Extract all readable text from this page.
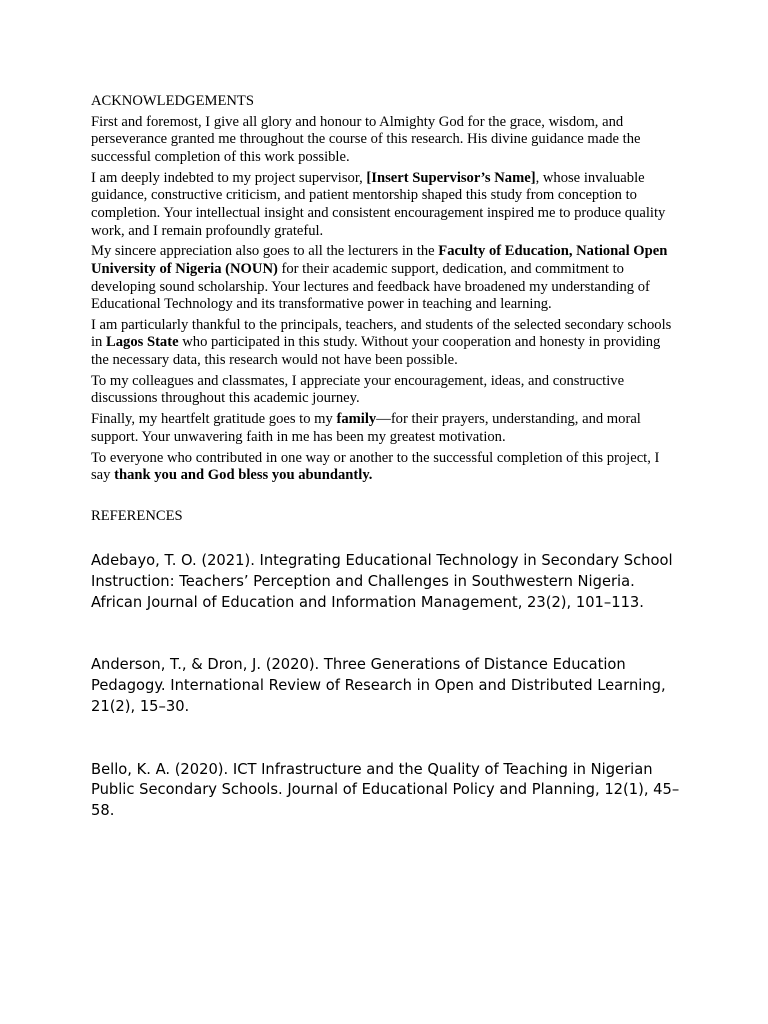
ACKNOWLEDGEMENTS

First and foremost, I give all glory and honour to Almighty God for the grace, wisdom, and perseverance granted me throughout the course of this research. His divine guidance made the successful completion of this work possible.

I am deeply indebted to my project supervisor, [Insert Supervisor’s Name], whose invaluable guidance, constructive criticism, and patient mentorship shaped this study from conception to completion. Your intellectual insight and consistent encouragement inspired me to produce quality work, and I remain profoundly grateful.

My sincere appreciation also goes to all the lecturers in the Faculty of Education, National Open University of Nigeria (NOUN) for their academic support, dedication, and commitment to developing sound scholarship. Your lectures and feedback have broadened my understanding of Educational Technology and its transformative power in teaching and learning.

I am particularly thankful to the principals, teachers, and students of the selected secondary schools in Lagos State who participated in this study. Without your cooperation and honesty in providing the necessary data, this research would not have been possible.

To my colleagues and classmates, I appreciate your encouragement, ideas, and constructive discussions throughout this academic journey.

Finally, my heartfelt gratitude goes to my family—for their prayers, understanding, and moral support. Your unwavering faith in me has been my greatest motivation.

To everyone who contributed in one way or another to the successful completion of this project, I say thank you and God bless you abundantly.

REFERENCES

Adebayo, T. O. (2021). Integrating Educational Technology in Secondary School Instruction: Teachers’ Perception and Challenges in Southwestern Nigeria. African Journal of Education and Information Management, 23(2), 101–113.

Anderson, T., & Dron, J. (2020). Three Generations of Distance Education Pedagogy. International Review of Research in Open and Distributed Learning, 21(2), 15–30.

Bello, K. A. (2020). ICT Infrastructure and the Quality of Teaching in Nigerian Public Secondary Schools. Journal of Educational Policy and Planning, 12(1), 45–58.
